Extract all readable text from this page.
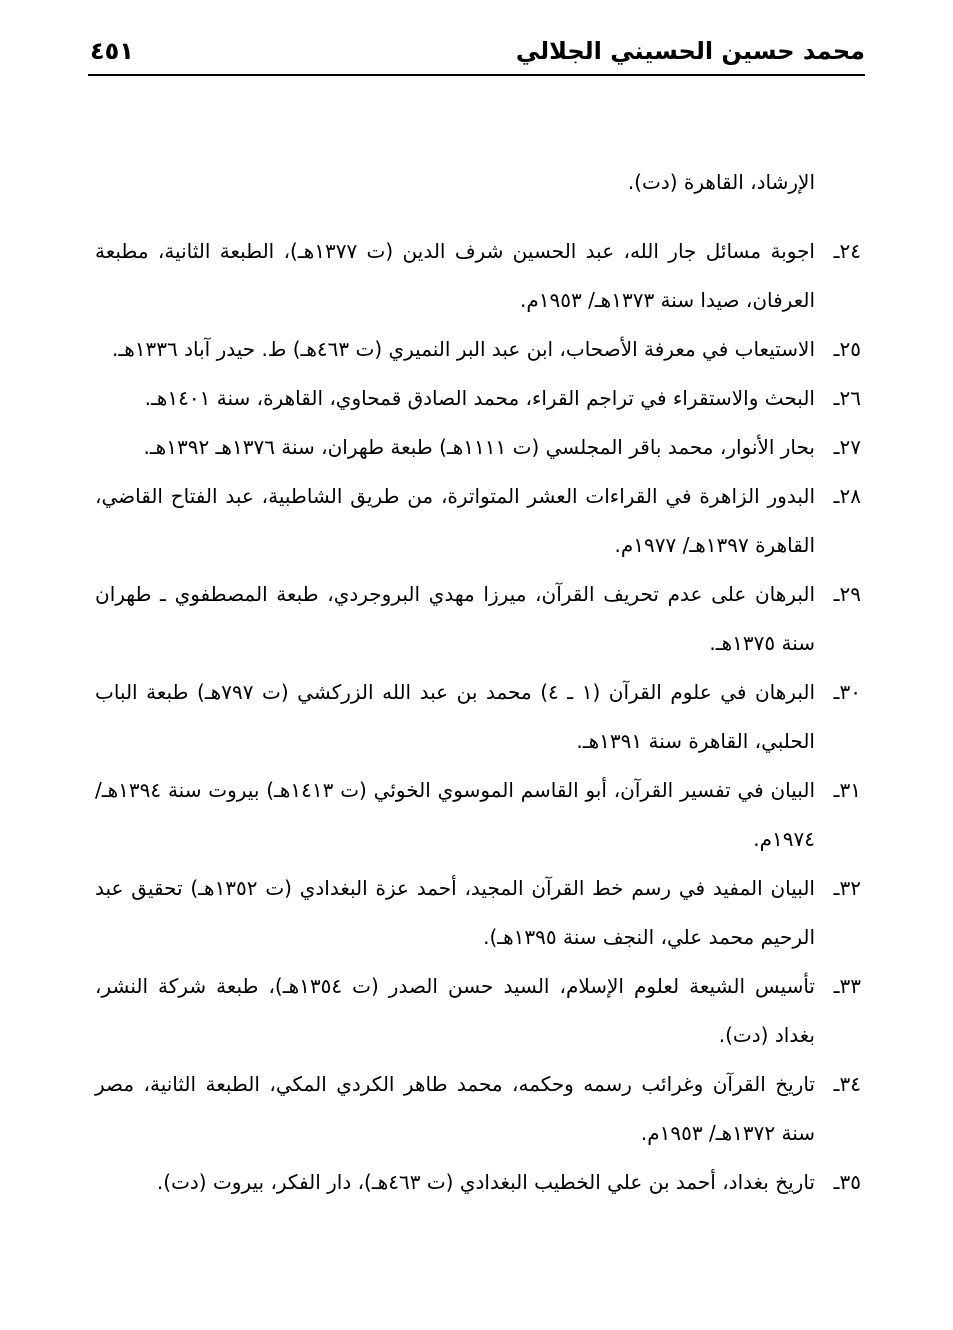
محمد حسين الحسيني الجلالي
٤٥١

الإرشاد، القاهرة (دت).

٢٤ـ
اجوبة مسائل جار الله، عبد الحسين شرف الدين (ت ١٣٧٧هـ)، الطبعة الثانية، مطبعة العرفان، صيدا سنة ١٣٧٣هـ/ ١٩٥٣م.

٢٥ـ
الاستيعاب في معرفة الأصحاب، ابن عبد البر النميري (ت ٤٦٣هـ) ط. حيدر آباد ١٣٣٦هـ.

٢٦ـ
البحث والاستقراء في تراجم القراء، محمد الصادق قمحاوي، القاهرة، سنة ١٤٠١هـ.

٢٧ـ
بحار الأنوار، محمد باقر المجلسي (ت ١١١١هـ) طبعة طهران، سنة ١٣٧٦هـ ١٣٩٢هـ.

٢٨ـ
البدور الزاهرة في القراءات العشر المتواترة، من طريق الشاطبية، عبد الفتاح القاضي، القاهرة ١٣٩٧هـ/ ١٩٧٧م.

٢٩ـ
البرهان على عدم تحريف القرآن، ميرزا مهدي البروجردي، طبعة المصطفوي ـ طهران سنة ١٣٧٥هـ.

٣٠ـ
البرهان في علوم القرآن (١ ـ ٤) محمد بن عبد الله الزركشي (ت ٧٩٧هـ) طبعة الباب الحلبي، القاهرة سنة ١٣٩١هـ.

٣١ـ
البيان في تفسير القرآن، أبو القاسم الموسوي الخوئي (ت ١٤١٣هـ) بيروت سنة ١٣٩٤هـ/ ١٩٧٤م.

٣٢ـ
البيان المفيد في رسم خط القرآن المجيد، أحمد عزة البغدادي (ت ١٣٥٢هـ) تحقيق عبد الرحيم محمد علي، النجف سنة ١٣٩٥هـ).

٣٣ـ
تأسيس الشيعة لعلوم الإسلام، السيد حسن الصدر (ت ١٣٥٤هـ)، طبعة شركة النشر، بغداد (دت).

٣٤ـ
تاريخ القرآن وغرائب رسمه وحكمه، محمد طاهر الكردي المكي، الطبعة الثانية، مصر سنة ١٣٧٢هـ/ ١٩٥٣م.

٣٥ـ
تاريخ بغداد، أحمد بن علي الخطيب البغدادي (ت ٤٦٣هـ)، دار الفكر، بيروت (دت).
